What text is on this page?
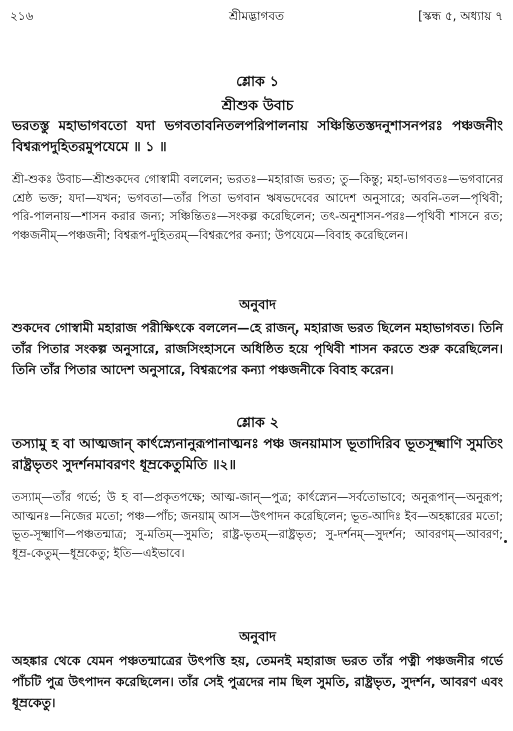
২১৬	শ্রীমদ্ভাগবত	[স্কন্ধ ৫, অধ্যায় ৭
শ্লোক ১
শ্রীশুক উবাচ
ভরতস্তু মহাভাগবতো যদা ভগবতাবনিতলপরিপালনায় সঞ্চিন্তিতস্তদনুশাসনপরঃ পঞ্চজনীং বিশ্বরূপদুহিতরমুপযেমে ॥ ১ ॥
শ্রী-শুকঃ উবাচ—শ্রীশুকদেব গোস্বামী বললেন; ভরতঃ—মহারাজ ভরত; তু—কিন্তু; মহা-ভাগবতঃ—ভগবানের শ্রেষ্ঠ ভক্ত; যদা—যখন; ভগবতা—তাঁর পিতা ভগবান ঋষভদেবের আদেশ অনুসারে; অবনি-তল—পৃথিবী; পরি-পালনায়—শাসন করার জন্য; সঞ্চিন্তিতঃ—সংকল্প করেছিলেন; তৎ-অনুশাসন-পরঃ—পৃথিবী শাসনে রত; পঞ্চজনীম্—পঞ্চজনী; বিশ্বরূপ-দুহিতরম্—বিশ্বরূপের কন্যা; উপযেমে—বিবাহ করেছিলেন।
অনুবাদ
শুকদেব গোস্বামী মহারাজ পরীক্ষিৎকে বললেন—হে রাজন্, মহারাজ ভরত ছিলেন মহাভাগবত। তিনি তাঁর পিতার সংকল্প অনুসারে, রাজসিংহাসনে অধিষ্ঠিত হয়ে পৃথিবী শাসন করতে শুরু করেছিলেন। তিনি তাঁর পিতার আদেশ অনুসারে, বিশ্বরূপের কন্যা পঞ্চজনীকে বিবাহ করেন।
শ্লোক ২
তস্যামু হ বা আত্মজান্ কার্ৎস্ন্যেনানুরূপানাত্মনঃ পঞ্চ জনয়ামাস ভূতাদিরিব ভূতসূক্ষ্মাণি সুমতিং রাষ্ট্রভৃতং সুদর্শনমাবরণং ধূম্রকেতুমিতি ॥২॥
তস্যাম্—তাঁর গর্ভে; উ হ বা—প্রকৃতপক্ষে; আত্ম-জান্—পুত্র; কার্ৎস্ন্যেন—সর্বতোভাবে; অনুরূপান্—অনুরূপ; আত্মনঃ—নিজের মতো; পঞ্চ—পাঁচ; জনয়াম্ আস—উৎপাদন করেছিলেন; ভূত-আদিঃ ইব—অহঙ্কারের মতো; ভূত-সূক্ষ্মাণি—পঞ্চতন্মাত্র; সু-মতিম্—সুমতি; রাষ্ট্র-ভৃতম্—রাষ্ট্রভৃত; সু-দর্শনম্—সুদর্শন; আবরণম্—আবরণ; ধূম্র-কেতুম্—ধূম্রকেতু; ইতি—এইভাবে।
অনুবাদ
অহঙ্কার থেকে যেমন পঞ্চতন্মাত্রের উৎপত্তি হয়, তেমনই মহারাজ ভরত তাঁর পত্নী পঞ্চজনীর গর্ভে পাঁচটি পুত্র উৎপাদন করেছিলেন। তাঁর সেই পুত্রদের নাম ছিল সুমতি, রাষ্ট্রভৃত, সুদর্শন, আবরণ এবং ধূম্রকেতু।
